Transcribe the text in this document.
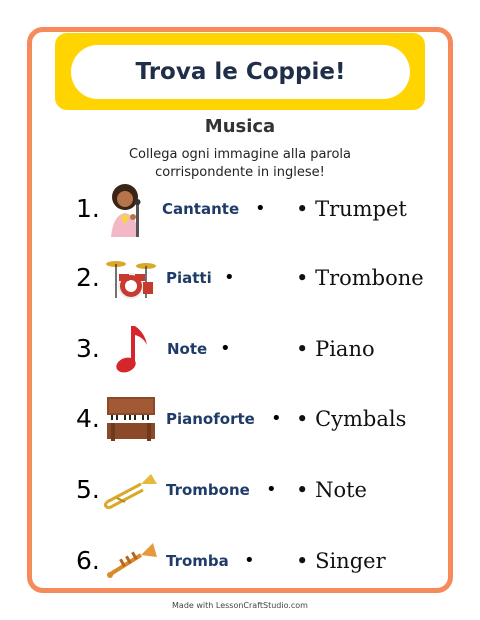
Trova le Coppie!
Musica
Collega ogni immagine alla parola corrispondente in inglese!
1.	Cantante • • Trumpet
2.	Piatti •	• Trombone
3.	Note •	• Piano
4.	Pianoforte • • Cymbals
5.	Trombone • • Note
6.	Tromba • • Singer
Made with LessonCraftStudio.com
